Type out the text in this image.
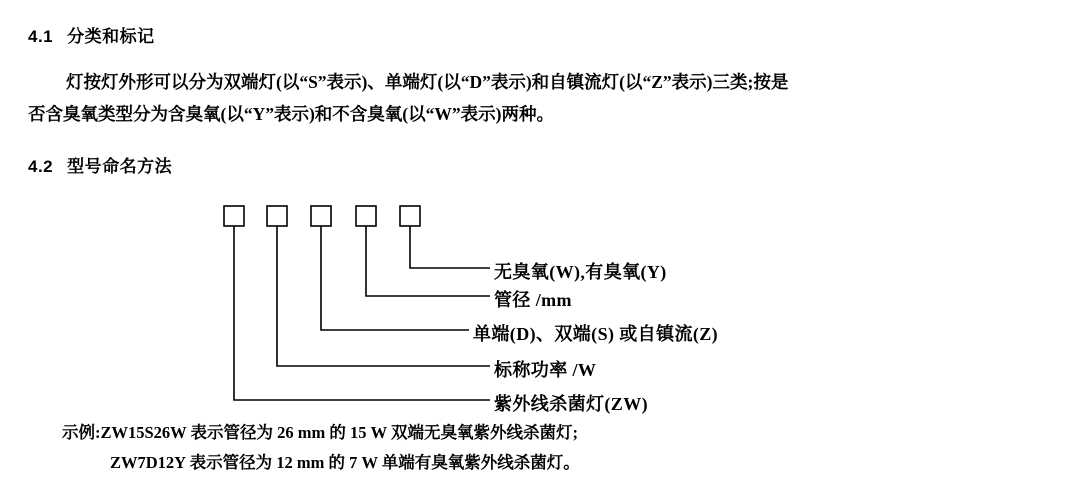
4.1 分类和标记
灯按灯外形可以分为双端灯(以“S”表示)、单端灯(以“D”表示)和自镇流灯(以“Z”表示)三类;按是
否含臭氧类型分为含臭氧(以“Y”表示)和不含臭氧(以“W”表示)两种。
4.2 型号命名方法
无臭氧(W),有臭氧(Y)
管径 /mm
单端(D)、双端(S) 或自镇流(Z)
标称功率 /W
紫外线杀菌灯(ZW)
示例:ZW15S26W 表示管径为 26 mm 的 15 W 双端无臭氧紫外线杀菌灯;
ZW7D12Y 表示管径为 12 mm 的 7 W 单端有臭氧紫外线杀菌灯。
